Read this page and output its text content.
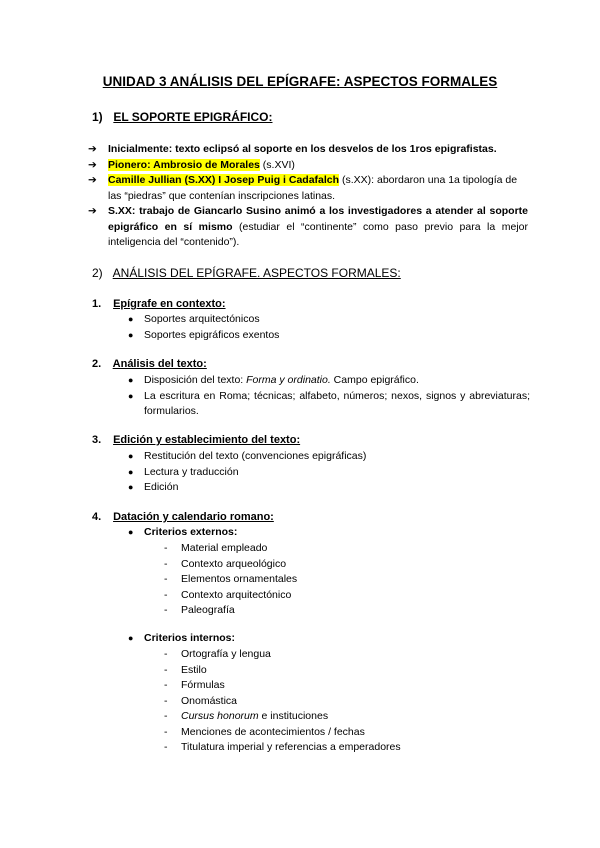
UNIDAD 3 ANÁLISIS DEL EPÍGRAFE: ASPECTOS FORMALES
1) EL SOPORTE EPIGRÁFICO:
➔ Inicialmente: texto eclipsó al soporte en los desvelos de los 1ros epigrafistas.
➔ Pionero: Ambrosio de Morales (s.XVI)
➔ Camille Jullian (S.XX) I Josep Puig i Cadafalch (s.XX): abordaron una 1a tipología de las “piedras” que contenían inscripciones latinas.
➔ S.XX: trabajo de Giancarlo Susino animó a los investigadores a atender al soporte epigráfico en sí mismo (estudiar el “continente” como paso previo para la mejor inteligencia del “contenido”).
2) ANÁLISIS DEL EPÍGRAFE. ASPECTOS FORMALES:
1. Epígrafe en contexto:
● Soportes arquitectónicos
● Soportes epigráficos exentos
2. Análisis del texto:
● Disposición del texto: Forma y ordinatio. Campo epigráfico.
● La escritura en Roma; técnicas; alfabeto, números; nexos, signos y abreviaturas; formularios.
3. Edición y establecimiento del texto:
● Restitución del texto (convenciones epigráficas)
● Lectura y traducción
● Edición
4. Datación y calendario romano:
● Criterios externos:
- Material empleado
- Contexto arqueológico
- Elementos ornamentales
- Contexto arquitectónico
- Paleografía
● Criterios internos:
- Ortografía y lengua
- Estilo
- Fórmulas
- Onomástica
- Cursus honorum e instituciones
- Menciones de acontecimientos / fechas
- Titulatura imperial y referencias a emperadores
